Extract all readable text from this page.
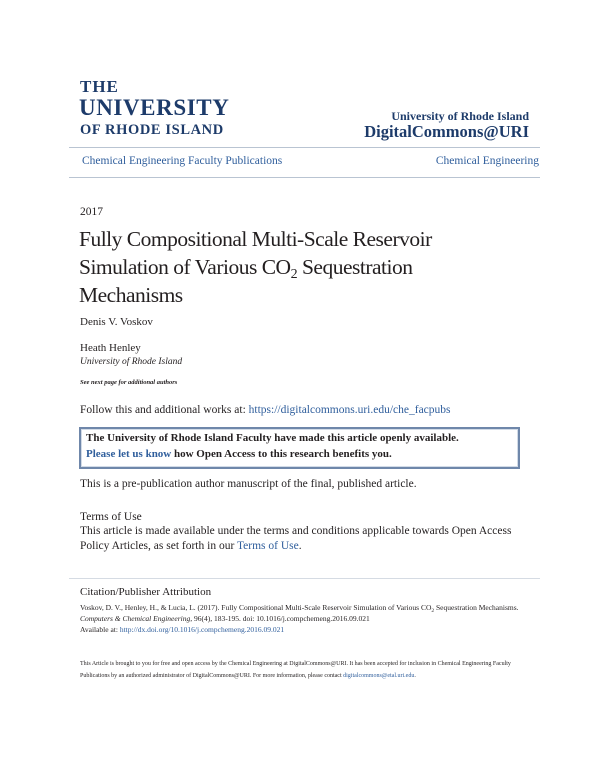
THE
UNIVERSITY
OF RHODE ISLAND
University of Rhode Island
DigitalCommons@URI
Chemical Engineering Faculty Publications	Chemical Engineering
2017
Fully Compositional Multi-Scale Reservoir Simulation of Various $CO_2$ Sequestration Mechanisms
Denis V. Voskov
Heath Henley
University of Rhode Island
See next page for additional authors
Follow this and additional works at: https://digitalcommons.uri.edu/che_facpubs
The University of Rhode Island Faculty have made this article openly available.
Please let us know how Open Access to this research benefits you.
This is a pre-publication author manuscript of the final, published article.
Terms of Use
This article is made available under the terms and conditions applicable towards Open Access Policy Articles, as set forth in our Terms of Use.
Citation/Publisher Attribution
Voskov, D. V., Henley, H., & Lucia, L. (2017). Fully Compositional Multi-Scale Reservoir Simulation of Various $CO_2$ Sequestration Mechanisms. Computers & Chemical Engineering, 96(4), 183-195. doi: 10.1016/j.compchemeng.2016.09.021
Available at: http://dx.doi.org/10.1016/j.compchemeng.2016.09.021
This Article is brought to you for free and open access by the Chemical Engineering at DigitalCommons@URI. It has been accepted for inclusion in Chemical Engineering Faculty Publications by an authorized administrator of DigitalCommons@URI. For more information, please contact digitalcommons@etal.uri.edu.
